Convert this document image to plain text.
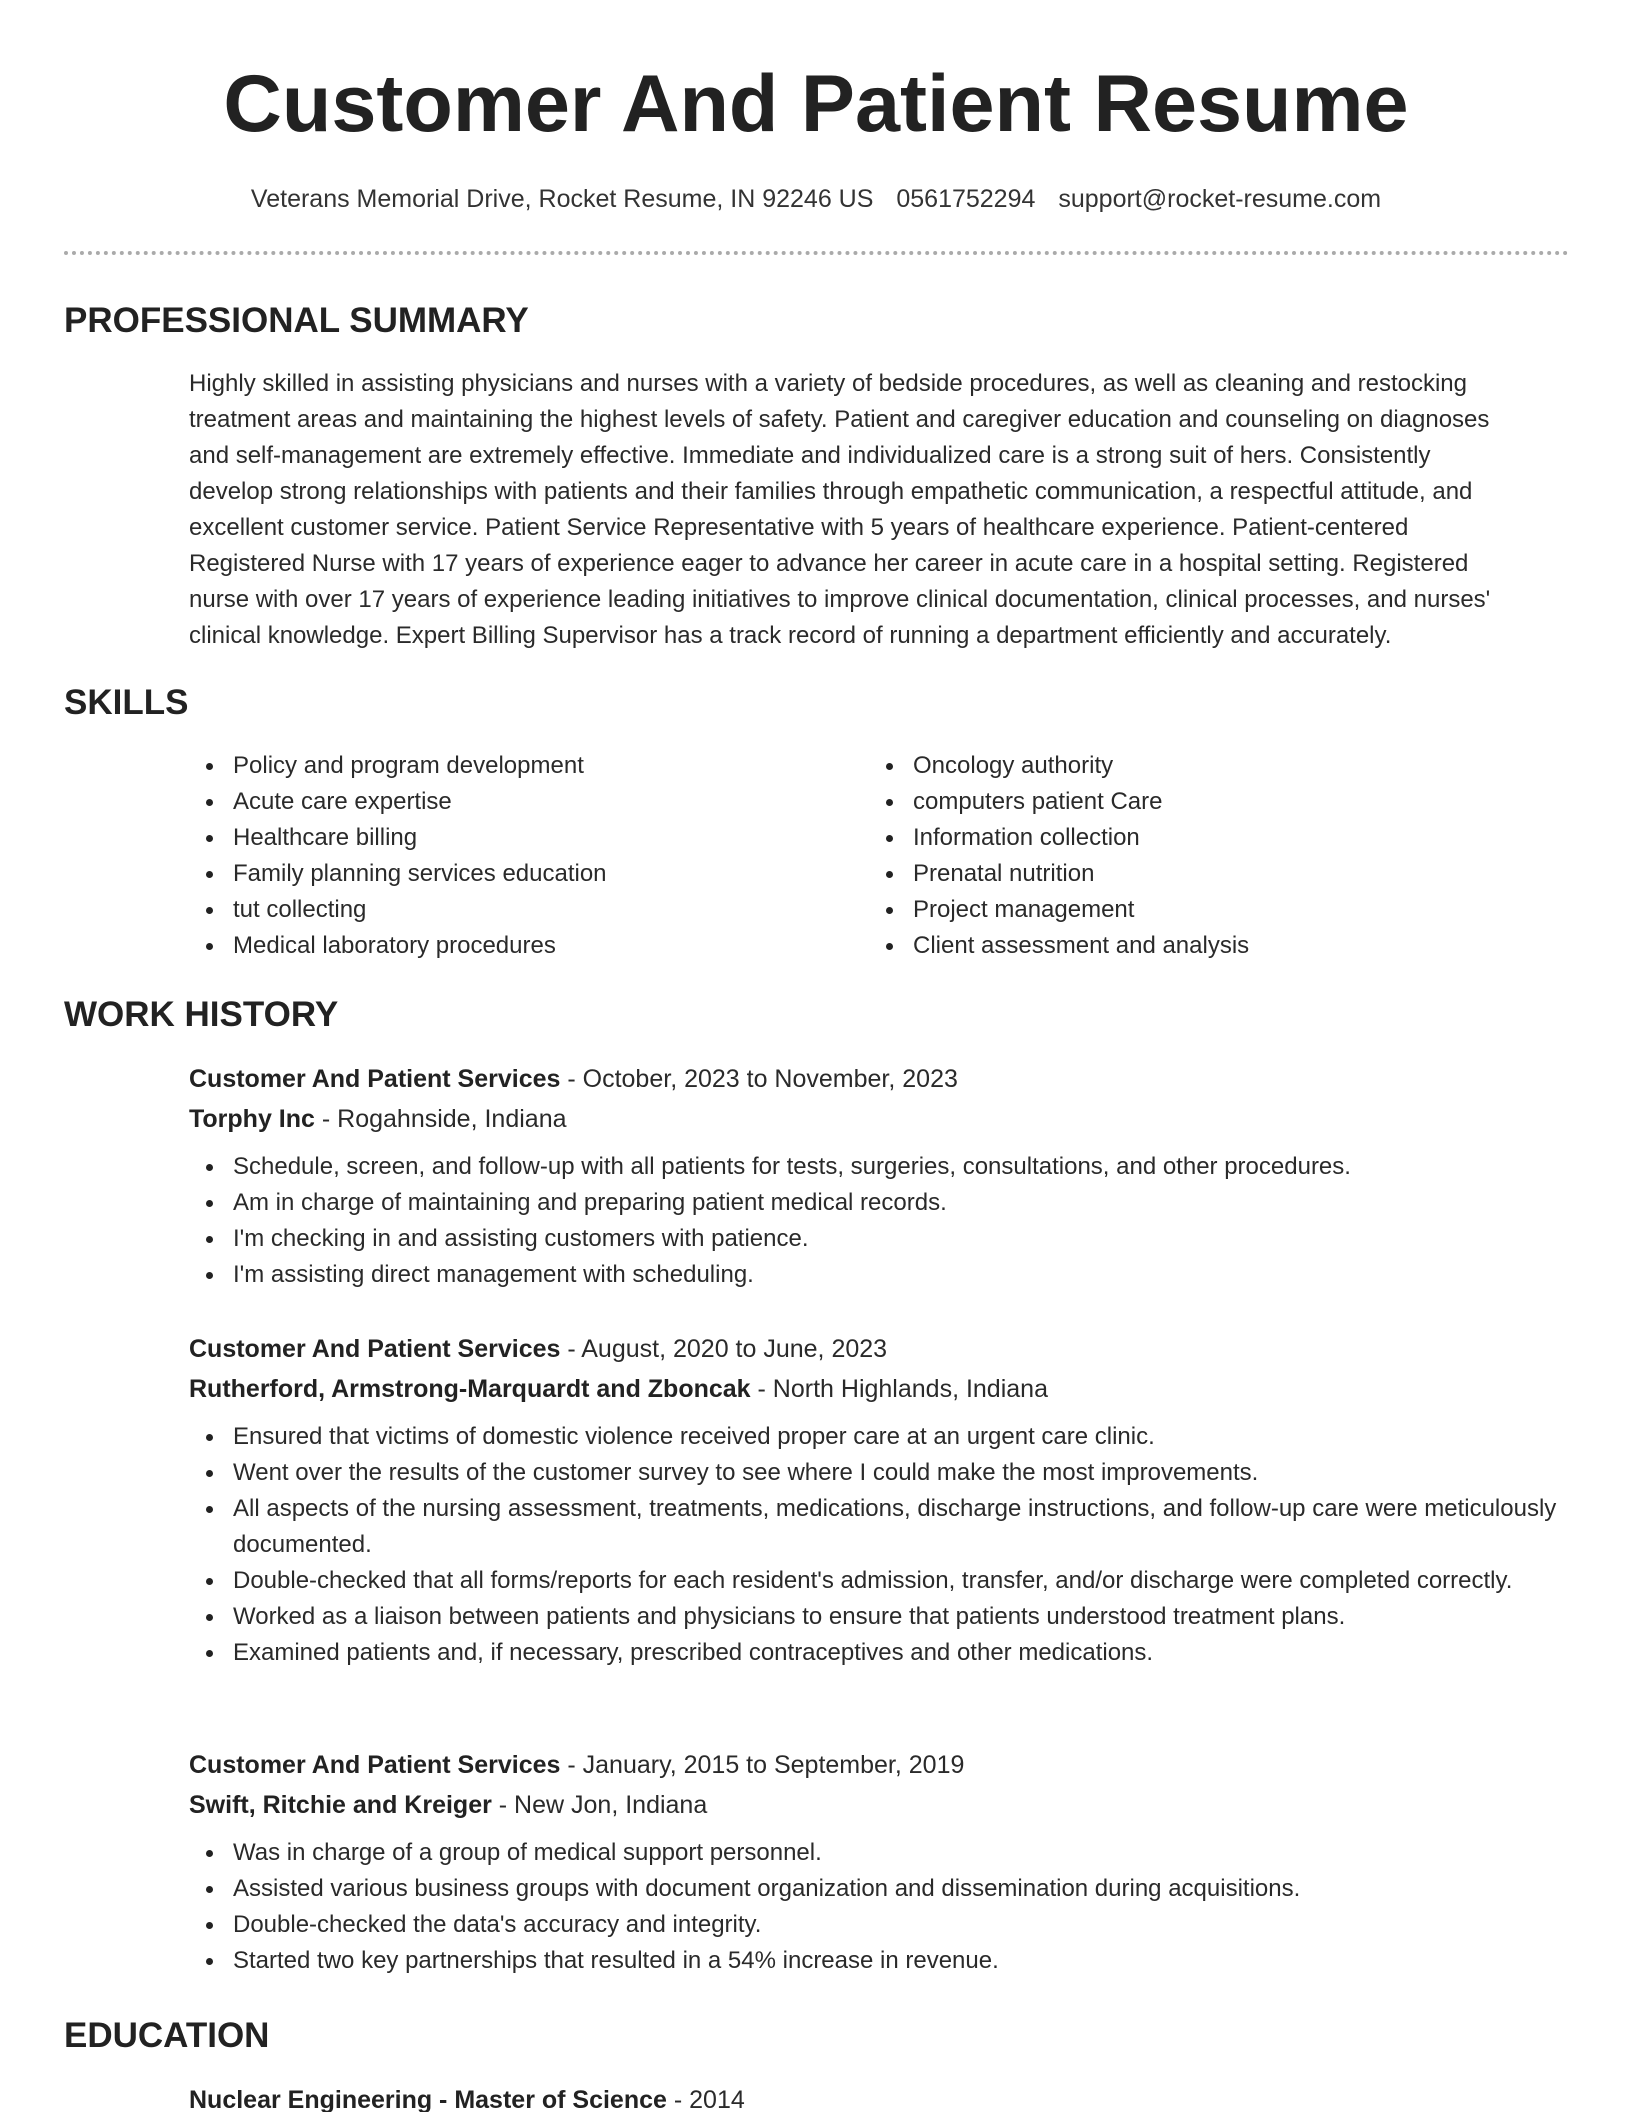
Customer And Patient Resume
Veterans Memorial Drive, Rocket Resume, IN 92246 US 0561752294 support@rocket-resume.com
PROFESSIONAL SUMMARY
Highly skilled in assisting physicians and nurses with a variety of bedside procedures, as well as cleaning and restocking
treatment areas and maintaining the highest levels of safety. Patient and caregiver education and counseling on diagnoses
and self-management are extremely effective. Immediate and individualized care is a strong suit of hers. Consistently
develop strong relationships with patients and their families through empathetic communication, a respectful attitude, and
excellent customer service. Patient Service Representative with 5 years of healthcare experience. Patient-centered
Registered Nurse with 17 years of experience eager to advance her career in acute care in a hospital setting. Registered
nurse with over 17 years of experience leading initiatives to improve clinical documentation, clinical processes, and nurses'
clinical knowledge. Expert Billing Supervisor has a track record of running a department efficiently and accurately.
SKILLS
Policy and program development
Acute care expertise
Healthcare billing
Family planning services education
tut collecting
Medical laboratory procedures
Oncology authority
computers patient Care
Information collection
Prenatal nutrition
Project management
Client assessment and analysis
WORK HISTORY
Customer And Patient Services - October, 2023 to November, 2023
Torphy Inc - Rogahnside, Indiana
Schedule, screen, and follow-up with all patients for tests, surgeries, consultations, and other procedures.
Am in charge of maintaining and preparing patient medical records.
I'm checking in and assisting customers with patience.
I'm assisting direct management with scheduling.
Customer And Patient Services - August, 2020 to June, 2023
Rutherford, Armstrong-Marquardt and Zboncak - North Highlands, Indiana
Ensured that victims of domestic violence received proper care at an urgent care clinic.
Went over the results of the customer survey to see where I could make the most improvements.
All aspects of the nursing assessment, treatments, medications, discharge instructions, and follow-up care were meticulously documented.
Double-checked that all forms/reports for each resident's admission, transfer, and/or discharge were completed correctly.
Worked as a liaison between patients and physicians to ensure that patients understood treatment plans.
Examined patients and, if necessary, prescribed contraceptives and other medications.
Customer And Patient Services - January, 2015 to September, 2019
Swift, Ritchie and Kreiger - New Jon, Indiana
Was in charge of a group of medical support personnel.
Assisted various business groups with document organization and dissemination during acquisitions.
Double-checked the data's accuracy and integrity.
Started two key partnerships that resulted in a 54% increase in revenue.
EDUCATION
Nuclear Engineering - Master of Science - 2014
